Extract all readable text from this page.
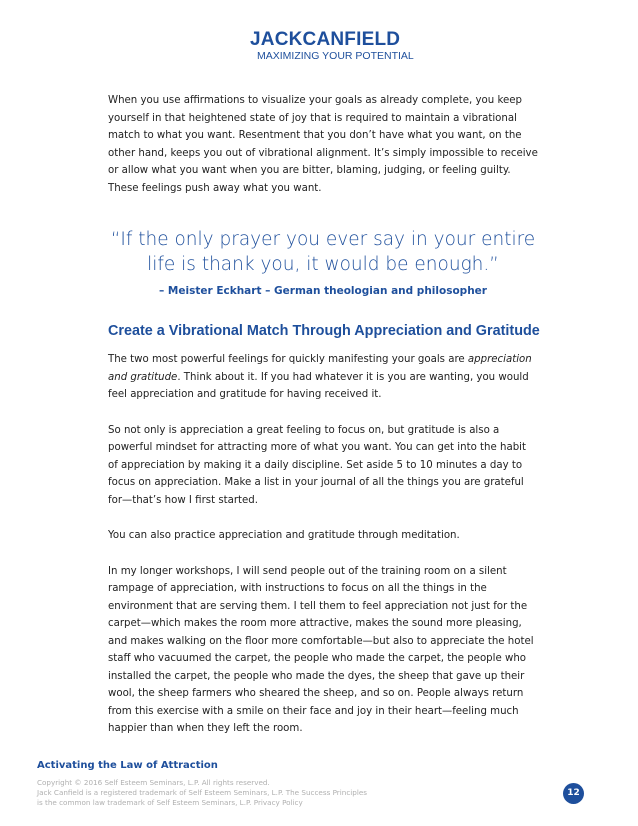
JACKCANFIELD
MAXIMIZING YOUR POTENTIAL

When you use affirmations to visualize your goals as already complete, you keep yourself in that heightened state of joy that is required to maintain a vibrational match to what you want. Resentment that you don’t have what you want, on the other hand, keeps you out of vibrational alignment. It’s simply impossible to receive or allow what you want when you are bitter, blaming, judging, or feeling guilty. These feelings push away what you want.

“If the only prayer you ever say in your entire life is thank you, it would be enough.”
– Meister Eckhart – German theologian and philosopher
Create a Vibrational Match Through Appreciation and Gratitude

The two most powerful feelings for quickly manifesting your goals are appreciation and gratitude. Think about it. If you had whatever it is you are wanting, you would feel appreciation and gratitude for having received it.

So not only is appreciation a great feeling to focus on, but gratitude is also a powerful mindset for attracting more of what you want. You can get into the habit of appreciation by making it a daily discipline. Set aside 5 to 10 minutes a day to focus on appreciation. Make a list in your journal of all the things you are grateful for—that’s how I first started.

You can also practice appreciation and gratitude through meditation.

In my longer workshops, I will send people out of the training room on a silent rampage of appreciation, with instructions to focus on all the things in the environment that are serving them. I tell them to feel appreciation not just for the carpet—which makes the room more attractive, makes the sound more pleasing, and makes walking on the floor more comfortable—but also to appreciate the hotel staff who vacuumed the carpet, the people who made the carpet, the people who installed the carpet, the people who made the dyes, the sheep that gave up their wool, the sheep farmers who sheared the sheep, and so on. People always return from this exercise with a smile on their face and joy in their heart—feeling much happier than when they left the room.

Activating the Law of Attraction
Copyright © 2016 Self Esteem Seminars, L.P. All rights reserved.
Jack Canfield is a registered trademark of Self Esteem Seminars, L.P. The Success Principles
is the common law trademark of Self Esteem Seminars, L.P. Privacy Policy
12
